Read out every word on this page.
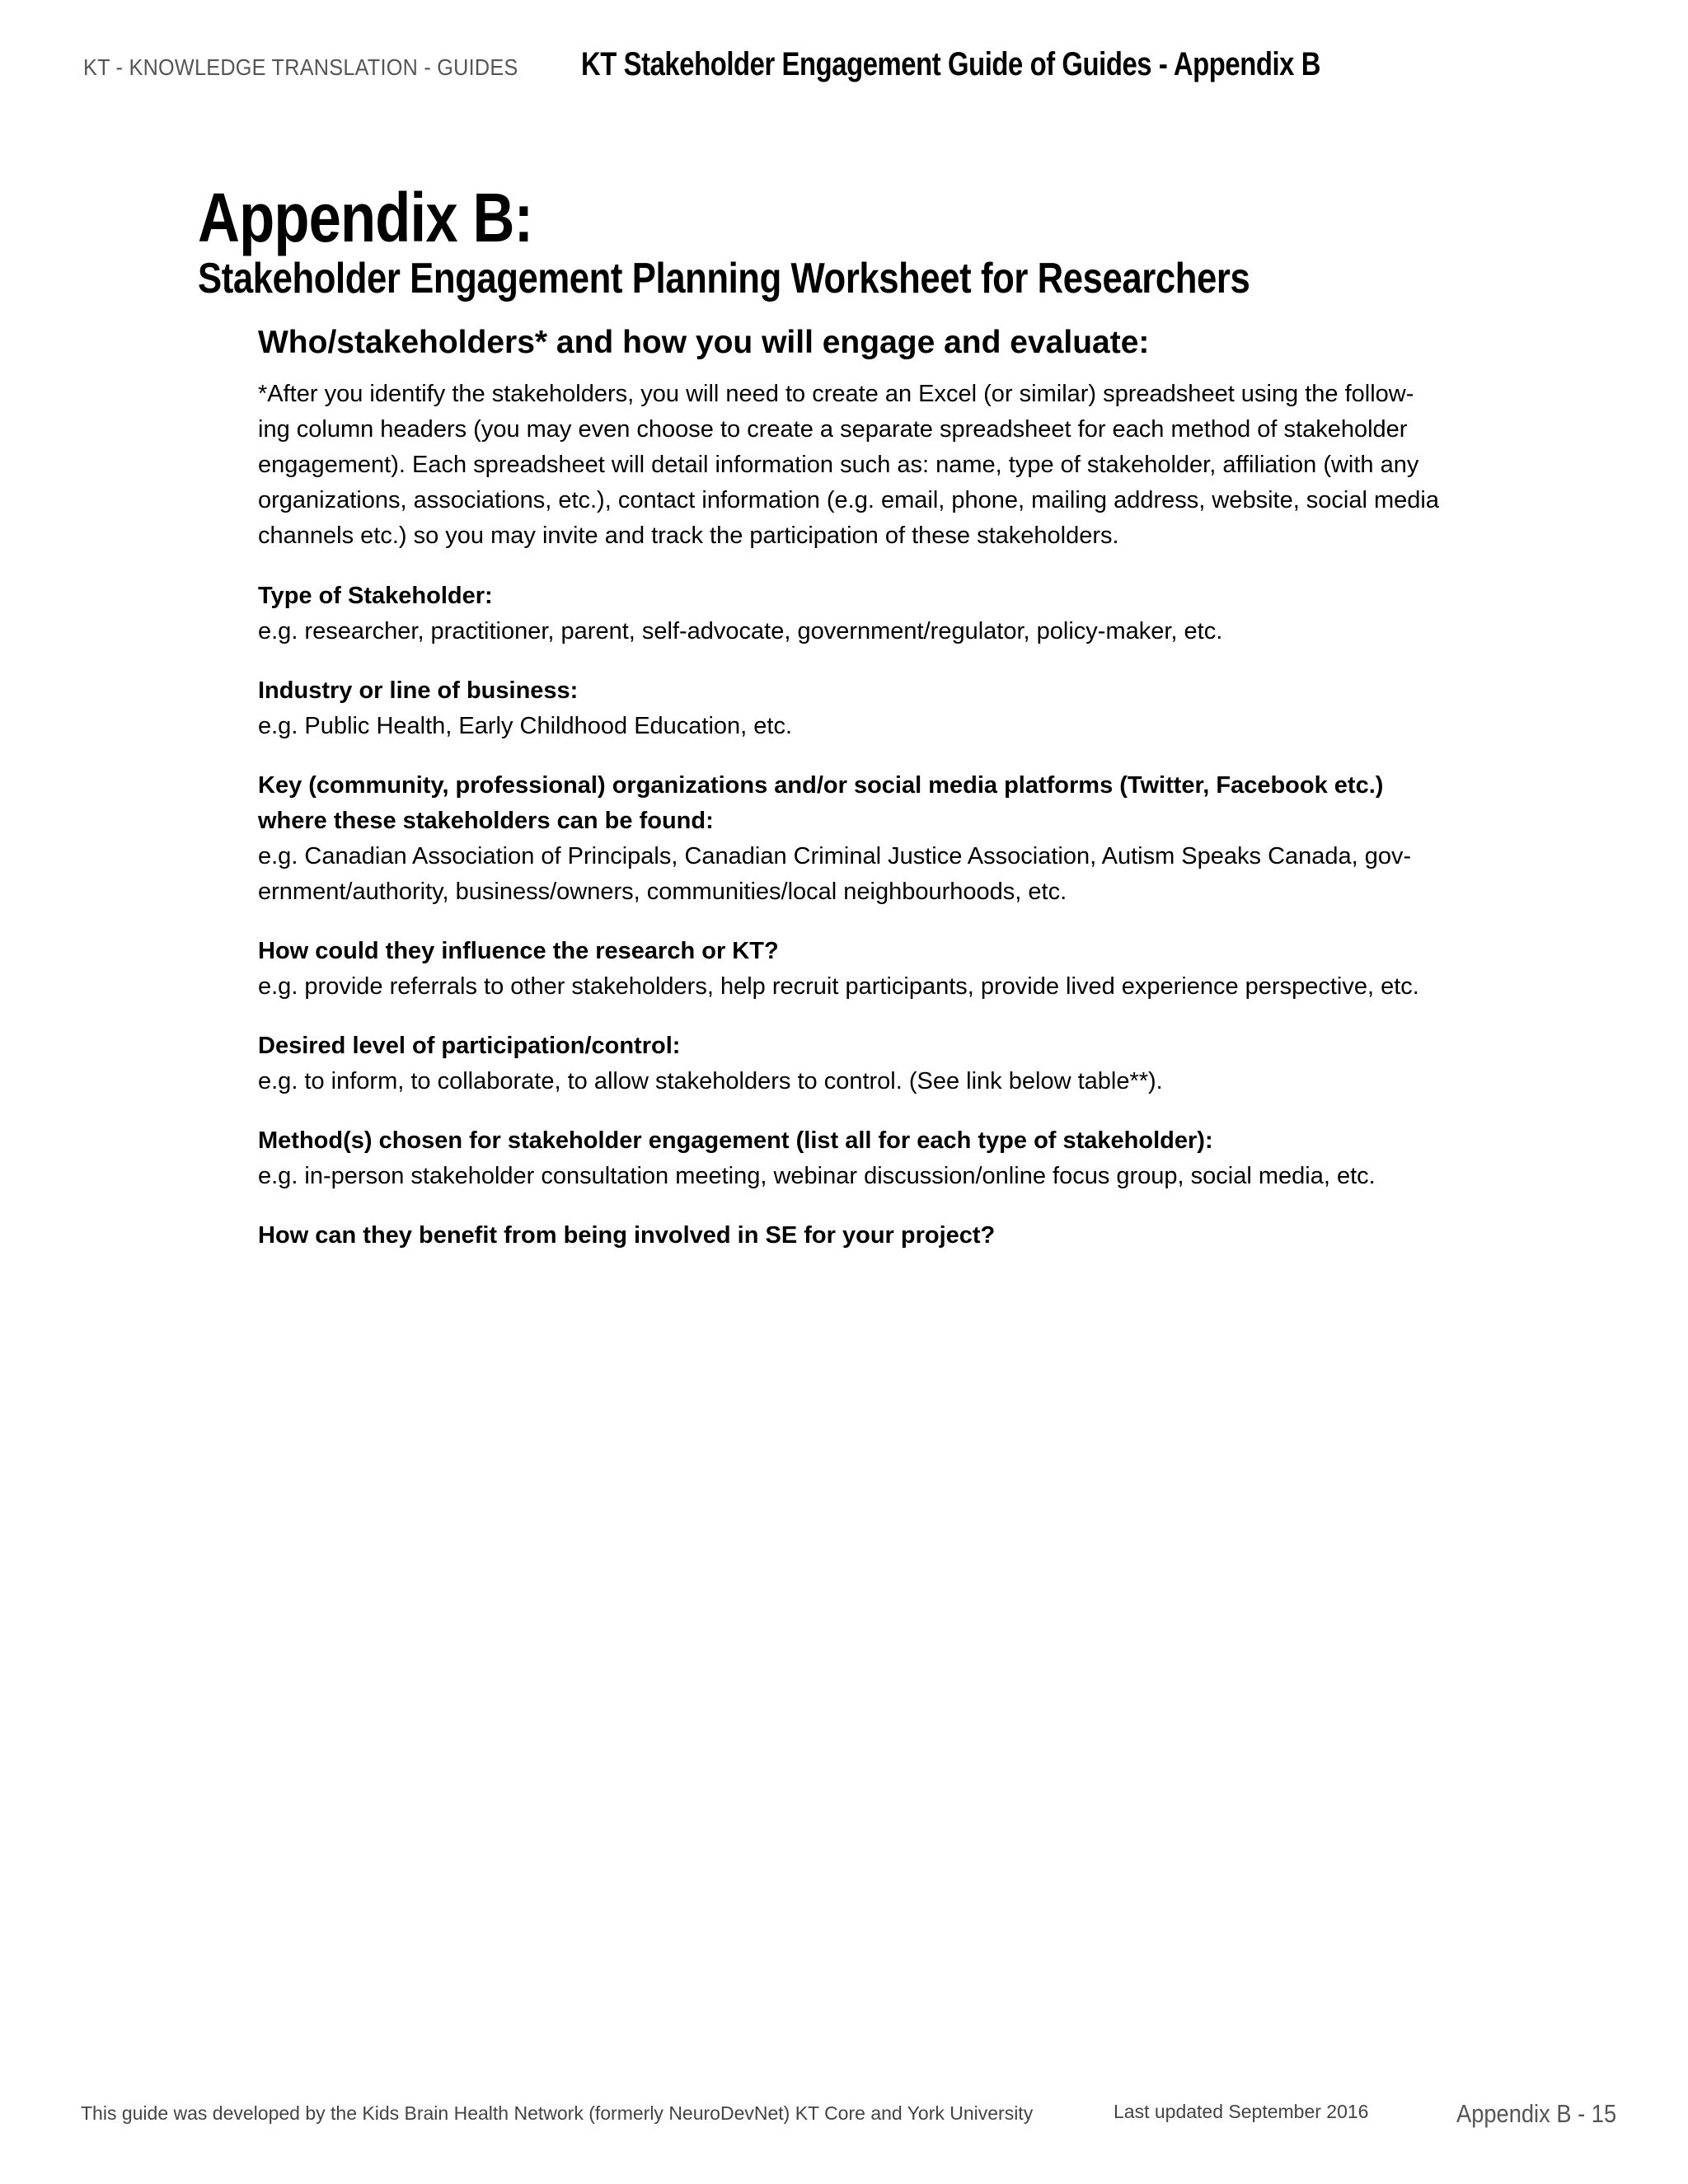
KT - KNOWLEDGE TRANSLATION - GUIDES KT Stakeholder Engagement Guide of Guides - Appendix B
Appendix B:
Stakeholder Engagement Planning Worksheet for Researchers
Who/stakeholders* and how you will engage and evaluate:
*After you identify the stakeholders, you will need to create an Excel (or similar) spreadsheet using the follow-
ing column headers (you may even choose to create a separate spreadsheet for each method of stakeholder
engagement). Each spreadsheet will detail information such as: name, type of stakeholder, affiliation (with any
organizations, associations, etc.), contact information (e.g. email, phone, mailing address, website, social media
channels etc.) so you may invite and track the participation of these stakeholders.
Type of Stakeholder:
e.g. researcher, practitioner, parent, self-advocate, government/regulator, policy-maker, etc.
Industry or line of business:
e.g. Public Health, Early Childhood Education, etc.
Key (community, professional) organizations and/or social media platforms (Twitter, Facebook etc.)
where these stakeholders can be found:
e.g. Canadian Association of Principals, Canadian Criminal Justice Association, Autism Speaks Canada, gov-
ernment/authority, business/owners, communities/local neighbourhoods, etc.
How could they influence the research or KT?
e.g. provide referrals to other stakeholders, help recruit participants, provide lived experience perspective, etc.
Desired level of participation/control:
e.g. to inform, to collaborate, to allow stakeholders to control. (See link below table**).
Method(s) chosen for stakeholder engagement (list all for each type of stakeholder):
e.g. in-person stakeholder consultation meeting, webinar discussion/online focus group, social media, etc.
How can they benefit from being involved in SE for your project?
This guide was developed by the Kids Brain Health Network (formerly NeuroDevNet) KT Core and York University	Last updated September 2016	Appendix B - 15
